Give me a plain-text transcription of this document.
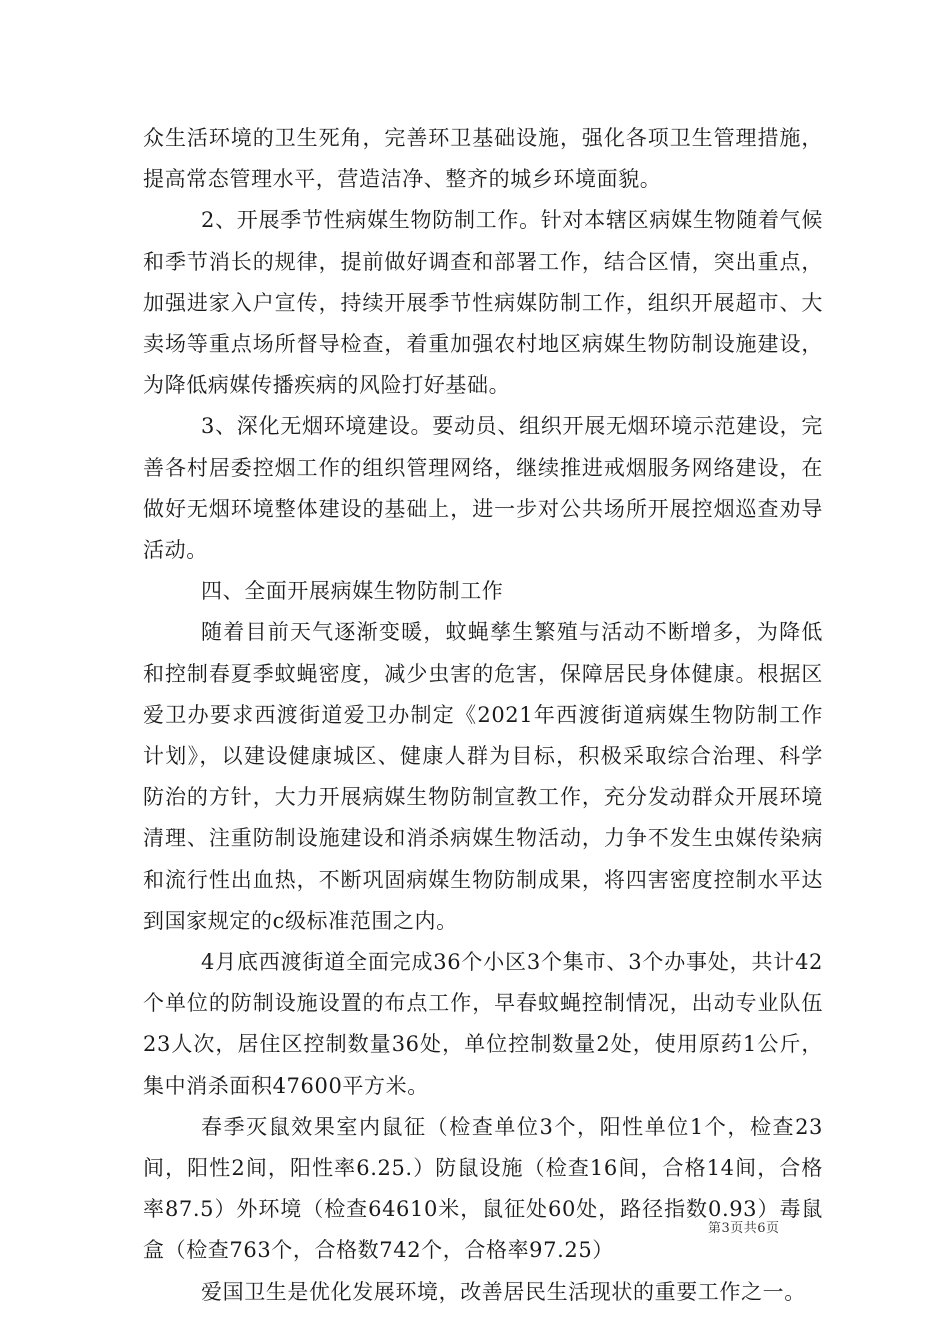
众生活环境的卫生死角，完善环卫基础设施，强化各项卫生管理措施，提高常态管理水平，营造洁净、整齐的城乡环境面貌。

2、开展季节性病媒生物防制工作。针对本辖区病媒生物随着气候和季节消长的规律，提前做好调查和部署工作，结合区情，突出重点，加强进家入户宣传，持续开展季节性病媒防制工作，组织开展超市、大卖场等重点场所督导检查，着重加强农村地区病媒生物防制设施建设，为降低病媒传播疾病的风险打好基础。

3、深化无烟环境建设。要动员、组织开展无烟环境示范建设，完善各村居委控烟工作的组织管理网络，继续推进戒烟服务网络建设，在做好无烟环境整体建设的基础上，进一步对公共场所开展控烟巡查劝导活动。

四、全面开展病媒生物防制工作

随着目前天气逐渐变暖，蚊蝇孳生繁殖与活动不断增多，为降低和控制春夏季蚊蝇密度，减少虫害的危害，保障居民身体健康。根据区爱卫办要求西渡街道爱卫办制定《2021年西渡街道病媒生物防制工作计划》，以建设健康城区、健康人群为目标，积极采取综合治理、科学防治的方针，大力开展病媒生物防制宣教工作，充分发动群众开展环境清理、注重防制设施建设和消杀病媒生物活动，力争不发生虫媒传染病和流行性出血热，不断巩固病媒生物防制成果，将四害密度控制水平达到国家规定的c级标准范围之内。

4月底西渡街道全面完成36个小区3个集市、3个办事处，共计42个单位的防制设施设置的布点工作，早春蚊蝇控制情况，出动专业队伍23人次，居住区控制数量36处，单位控制数量2处，使用原药1公斤，集中消杀面积47600平方米。

春季灭鼠效果室内鼠征（检查单位3个，阳性单位1个，检查23间，阳性2间，阳性率6.25.）防鼠设施（检查16间，合格14间，合格率87.5）外环境（检查64610米，鼠征处60处，路径指数0.93）毒鼠盒（检查763个，合格数742个，合格率97.25）

爱国卫生是优化发展环境，改善居民生活现状的重要工作之一。

第3页共6页
